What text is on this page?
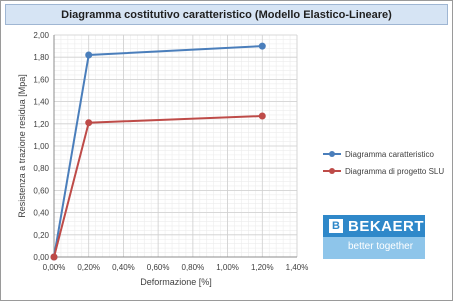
Diagramma costitutivo caratteristico (Modello Elastico-Lineare)
0,00% 0,20% 0,40% 0,60% 0,80% 1,00% 1,20% 1,40%
0,00
0,20
0,40
0,60
0,80
1,00
1,20
1,40
1,60
1,80
2,00
Deformazione [%]
Resistenza a trazione residua [Mpa]	Diagramma caratteristico
Diagramma di progetto SLU
B BEKAERT
better together
